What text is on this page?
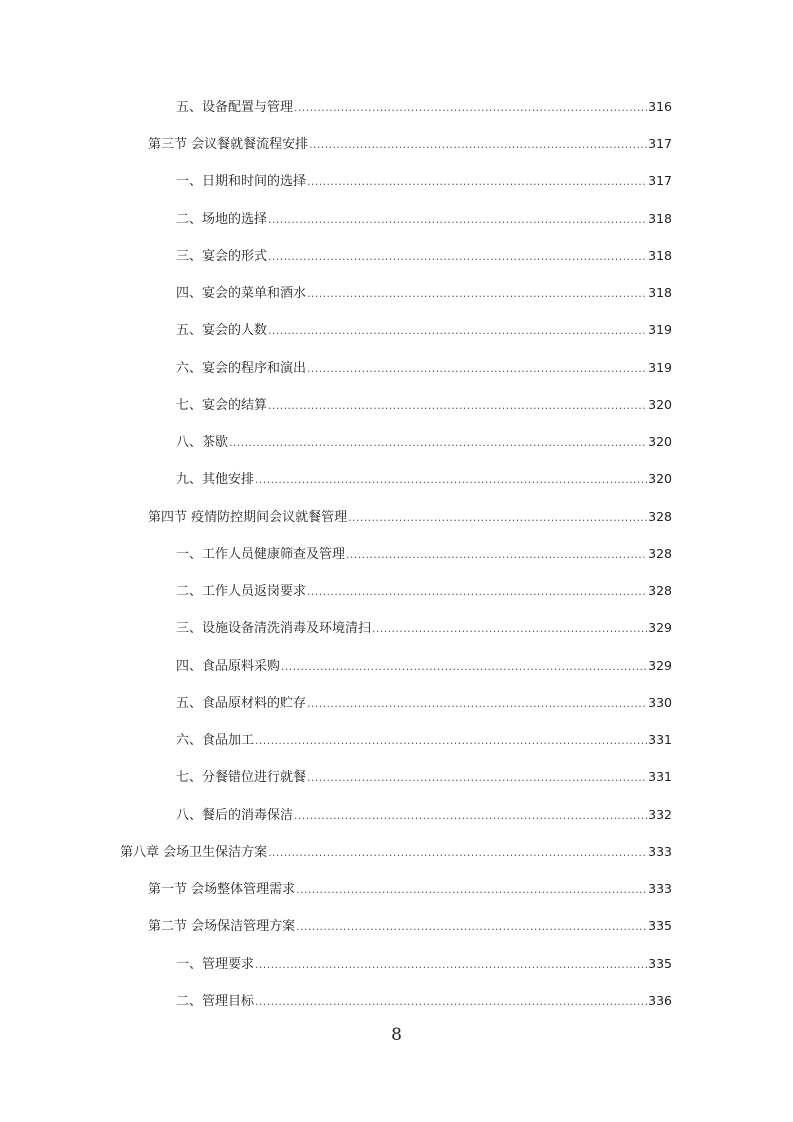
五、设备配置与管理 .....	316
第三节 会议餐就餐流程安排 .....	317
一、日期和时间的选择 .....	317
二、场地的选择 .....	318
三、宴会的形式 .....	318
四、宴会的菜单和酒水 .....	318
五、宴会的人数 .....	319
六、宴会的程序和演出 .....	319
七、宴会的结算 .....	320
八、茶歇 .....	320
九、其他安排 .....	320
第四节 疫情防控期间会议就餐管理 .....	328
一、工作人员健康筛查及管理 .....	328
二、工作人员返岗要求 .....	328
三、设施设备清洗消毒及环境清扫 .....	329
四、食品原料采购 .....	329
五、食品原材料的贮存 .....	330
六、食品加工 .....	331
七、分餐错位进行就餐 .....	331
八、餐后的消毒保洁 .....	332
第八章 会场卫生保洁方案 .....	333
第一节 会场整体管理需求 .....	333
第二节 会场保洁管理方案 .....	335
一、管理要求 .....	335
二、管理目标 .....	336
8
